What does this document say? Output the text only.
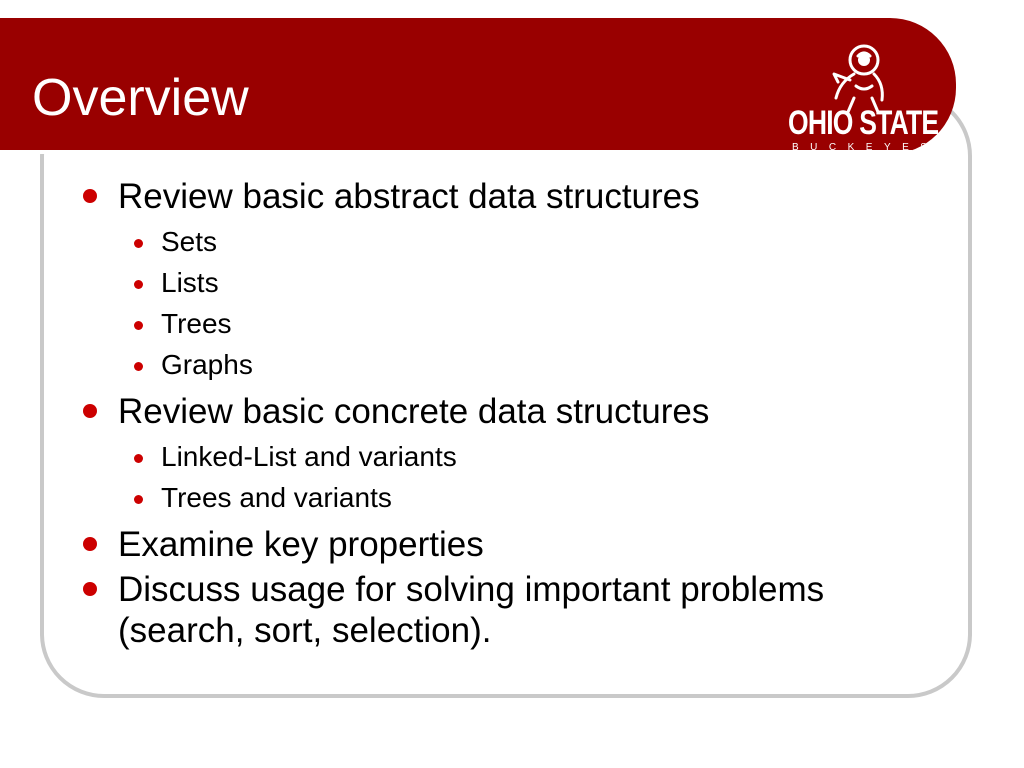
Overview	OHIO STATE
BUCKEYES TM
Review basic abstract data structures
Sets
Lists
Trees
Graphs
Review basic concrete data structures
Linked-List and variants
Trees and variants
Examine key properties
Discuss usage for solving important problems (search, sort, selection).
